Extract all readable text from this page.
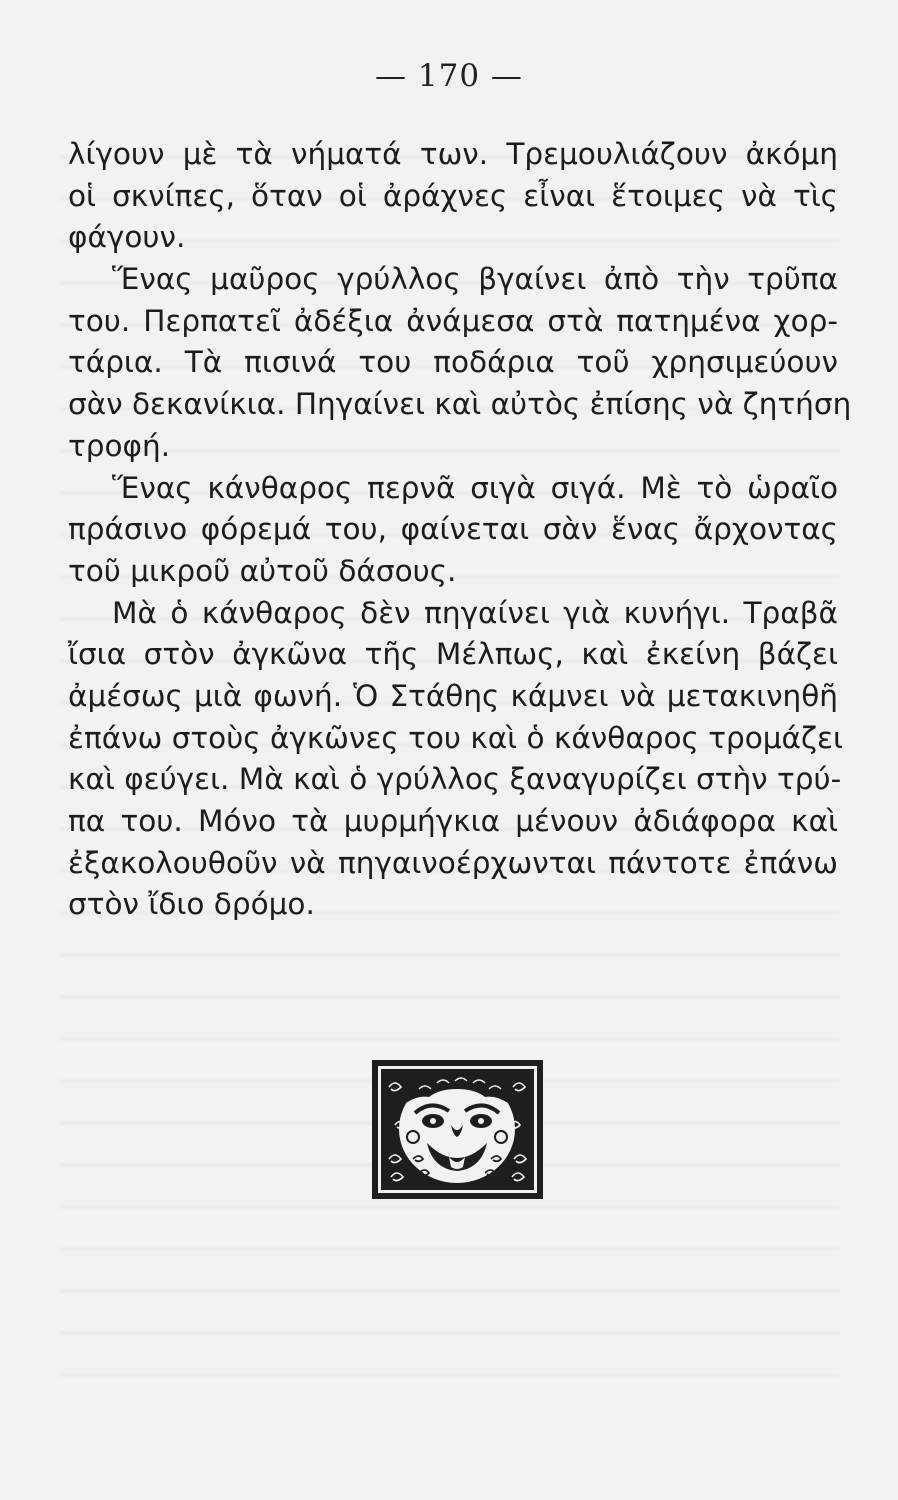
— 170 —
λίγουν μὲ τὰ νήματά των. Τρεμουλιάζουν ἀκόμη
οἱ σκνίπες, ὅταν οἱ ἀράχνες εἶναι ἕτοιμες νὰ τὶς
φάγουν.
Ἕνας μαῦρος γρύλλος βγαίνει ἀπὸ τὴν τρῦπα
του. Περπατεῖ ἀδέξια ἀνάμεσα στὰ πατημένα χορ-
τάρια. Τὰ πισινά του ποδάρια τοῦ χρησιμεύουν
σὰν δεκανίκια. Πηγαίνει καὶ αὐτὸς ἐπίσης νὰ ζητήση
τροφή.
Ἕνας κάνθαρος περνᾶ σιγὰ σιγά. Μὲ τὸ ὡραῖο
πράσινο φόρεμά του, φαίνεται σὰν ἕνας ἄρχοντας
τοῦ μικροῦ αὐτοῦ δάσους.
Μὰ ὁ κάνθαρος δὲν πηγαίνει γιὰ κυνήγι. Τραβᾶ
ἴσια στὸν ἀγκῶνα τῆς Μέλπως, καὶ ἐκείνη βάζει
ἀμέσως μιὰ φωνή. Ὁ Στάθης κάμνει νὰ μετακινηθῆ
ἐπάνω στοὺς ἀγκῶνες του καὶ ὁ κάνθαρος τρομάζει
καὶ φεύγει. Μὰ καὶ ὁ γρύλλος ξαναγυρίζει στὴν τρύ-
πα του. Μόνο τὰ μυρμήγκια μένουν ἀδιάφορα καὶ
ἐξακολουθοῦν νὰ πηγαινοέρχωνται πάντοτε ἐπάνω
στὸν ἴδιο δρόμο.
